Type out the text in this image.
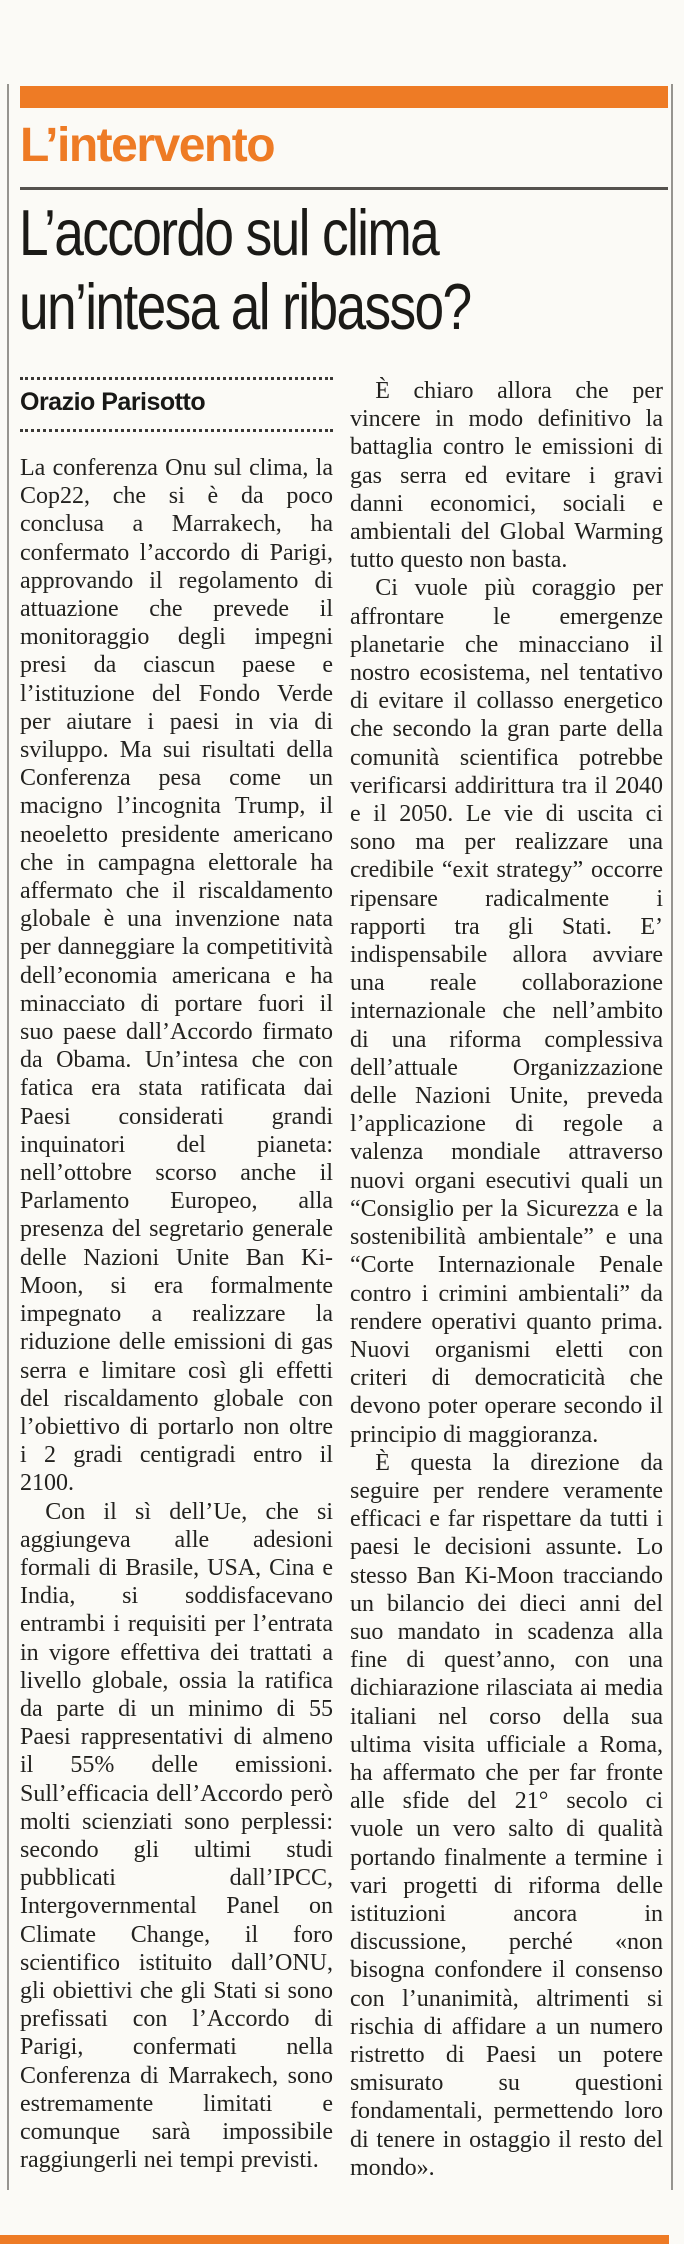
L’intervento
L’accordo sul clima
un’intesa al ribasso?
Orazio Parisotto

La conferenza Onu sul clima, la Cop22, che si è da poco conclusa a Marrakech, ha confermato l’accordo di Parigi, approvando il regolamento di attuazione che prevede il monitoraggio degli impegni presi da ciascun paese e l’istituzione del Fondo Verde per aiutare i paesi in via di sviluppo. Ma sui risultati della Conferenza pesa come un macigno l’incognita Trump, il neoeletto presidente americano che in campagna elettorale ha affermato che il riscaldamento globale è una invenzione nata per danneggiare la competitività dell’economia americana e ha minacciato di portare fuori il suo paese dall’Accordo firmato da Obama. Un’intesa che con fatica era stata ratificata dai Paesi considerati grandi inquinatori del pianeta: nell’ottobre scorso anche il Parlamento Europeo, alla presenza del segretario generale delle Nazioni Unite Ban Ki-Moon, si era formalmente impegnato a realizzare la riduzione delle emissioni di gas serra e limitare così gli effetti del riscaldamento globale con l’obiettivo di portarlo non oltre i 2 gradi centigradi entro il 2100.

Con il sì dell’Ue, che si aggiungeva alle adesioni formali di Brasile, USA, Cina e India, si soddisfacevano entrambi i requisiti per l’entrata in vigore effettiva dei trattati a livello globale, ossia la ratifica da parte di un minimo di 55 Paesi rappresentativi di almeno il 55% delle emissioni. Sull’efficacia dell’Accordo però molti scienziati sono perplessi: secondo gli ultimi studi pubblicati dall’IPCC, Intergovernmental Panel on Climate Change, il foro scientifico istituito dall’ONU, gli obiettivi che gli Stati si sono prefissati con l’Accordo di Parigi, confermati nella Conferenza di Marrakech, sono estremamente limitati e comunque sarà impossibile raggiungerli nei tempi previsti.

È chiaro allora che per vincere in modo definitivo la battaglia contro le emissioni di gas serra ed evitare i gravi danni economici, sociali e ambientali del Global Warming tutto questo non basta.

Ci vuole più coraggio per affrontare le emergenze planetarie che minacciano il nostro ecosistema, nel tentativo di evitare il collasso energetico che secondo la gran parte della comunità scientifica potrebbe verificarsi addirittura tra il 2040 e il 2050. Le vie di uscita ci sono ma per realizzare una credibile “exit strategy” occorre ripensare radicalmente i rapporti tra gli Stati. E’ indispensabile allora avviare una reale collaborazione internazionale che nell’ambito di una riforma complessiva dell’attuale Organizzazione delle Nazioni Unite, preveda l’applicazione di regole a valenza mondiale attraverso nuovi organi esecutivi quali un “Consiglio per la Sicurezza e la sostenibilità ambientale” e una “Corte Internazionale Penale contro i crimini ambientali” da rendere operativi quanto prima. Nuovi organismi eletti con criteri di democraticità che devono poter operare secondo il principio di maggioranza.

È questa la direzione da seguire per rendere veramente efficaci e far rispettare da tutti i paesi le decisioni assunte. Lo stesso Ban Ki-Moon tracciando un bilancio dei dieci anni del suo mandato in scadenza alla fine di quest’anno, con una dichiarazione rilasciata ai media italiani nel corso della sua ultima visita ufficiale a Roma, ha affermato che per far fronte alle sfide del 21° secolo ci vuole un vero salto di qualità portando finalmente a termine i vari progetti di riforma delle istituzioni ancora in discussione, perché «non bisogna confondere il consenso con l’unanimità, altrimenti si rischia di affidare a un numero ristretto di Paesi un potere smisurato su questioni fondamentali, permettendo loro di tenere in ostaggio il resto del mondo».
